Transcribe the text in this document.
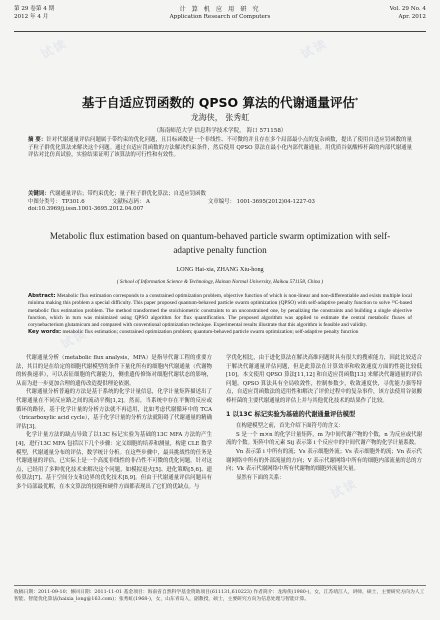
试读	试读
试读
试读
第 29 卷第 4 期
2012 年 4 月
计 算 机 应 用 研 究
Application Research of Computers
Vol. 29 No. 4
Apr. 2012
基于自适应罚函数的 QPSO 算法的代谢通量评估*
龙海侠， 张秀虹
（海南师范大学 信息科学技术学院， 海口 571158）
摘 要：针对代谢通量评估问题属于带约束的优化问题，且目标函数是一个非线性、不可微的并且存在多个局部最小点的复杂函数，提出了使用自适应罚函数的量子粒子群优化算法来解决这个问题。通过自适应罚函数的方法解决约束条件，然后使用 QPSO 算法在最小化内部代谢通量。用优质谷氨酸棒杆菌的内部代谢通量评估对比仿真试验，实验结果证明了该算法的可行性和有效性。
关键词：代谢通量评估；带约束优化；量子粒子群优化算法；自适应罚函数
中图分类号： TP301.6	文献标志码： A	文章编号： 1001-3695(2012)04-1227-03
doi:10.3969/j.issn.1001-3695.2012.04.007
Metabolic flux estimation based on quantum-behaved particle swarm optimization with self-adaptive penalty function
LONG Hai-xia, ZHANG Xiu-hong
( School of Information Science & Technology, Hainan Normal University, Haikou 571158, China )
Abstract: Metabolic flux estimation corresponds to a constrained optimization problem, objective function of which is non-linear and non-differentiable and exists multiple local minima making this problem a special difficulty. This paper proposed quantum-behaved particle swarm optimization (QPSO) with self-adaptive penalty function to solve ¹³C-based metabolic flux estimation problem. The method transformed the stoichiometric constraints to an unconstrained one, by penalizing the constraints and building a single objective function, which in turn was minimized using QPSO algorithm for flux quantification. The proposed algorithm was applied to estimate the central metabolic fluxes of corynebacterium glutamicum and compared with conventional optimization technique. Experimental results illustrate that this algorithm is feasible and validity.
Key words: metabolic flux estimation; constrained optimization problem; quantum-behaved particle swarm optimization; self-adaptive penalty function

代谢通量分析（metabolic flux analysis，MFA）是指导代谢工程的重要方法，其目的是在给定的细胞代谢模型的条件下量化所有的细胞内代谢通量（代谢物的转换速率），可以表征细胞的代谢能力，侧重遗传修饰对细胞代谢状态的影响，从而为进一步更加合理的遗传改造提供理论依据。

代谢通量分析普遍的方法是基于系统的化学计量信息，化学计量矩阵描述出了代谢通量在不同反应路之间的流动平衡[1,2]。然而，当系统中存在平衡的反应或循环的路径，基于化学计量的分析方法就不再适用，比如考虑代谢循环中的 TCA（tricarboxylic acid cycle），基于化学计量的分析方法就阻碍了代谢通量的精确评估[3]。

化学计量方法的缺点导致了以13C 标记实验为基础的13C MFA 方法的产生[4]，进行13C MFA 包括以下几个步骤：定义细胞的培养和测量，构建 CLE 数学模型，代谢通量分布的评估，数学统计分析。在这些步骤中，最具挑战性的任务是代谢通量的评估，已实际上是一个高度非线性的非凸性不可微的优化问题。针对这点，已经用了多种优化技术来解决这个问题，如模拟退火[5]、进化策略[5,6]、遗传算法[7]、基于空间分支和边界的优化技术[8,9]。但由于代谢通量评估问题具有多个局部最优解，在本文算法的技能和硬件方面都表现出了它们的优缺点。与

学优化相比，由于进化算法在解决高维问题时具有很大的搜索能力，因此比较适合于解决代谢通量评估问题，但是此算法在计算效率和收敛速度方面的性能比较低[10]。本文使用 QPSO 算法[11,12] 和自适应罚函数[13] 来解决代谢通量的评估问题。QPSO 算法具有全局收敛性，控制参数少，收敛速度快，寻优能力强等特点，自适应罚函数法的适用性和解决了评价过程中的复杂事件，该方法使用谷氨酸棒杆菌的主要代谢通量的评估上并与其他优化技术的结果作了比较。

1 以13C 标记实验为基础的代谢通量评估模型

在构建模型之前，首先介绍下面符号的含义：

S 是一个 m×n 的化学计量矩阵，m 为中间代谢产物的个数，n 为反应或代谢流的个数。矩阵中的元素 Sij 表示第 i 个反应中的中间代谢产物的化学计量系数。

Vn 表示第 i 中所有的流；Vs 表示细胞外流；Vs 表示细胞外的流；Vn 表示代谢网络中所有的外部流量的方向；V 表示代谢网络中所有的细胞内部流量的总的方向；Vk 表示代谢网络中所有代谢物的细胞外流量矢量。

显然有下面的关系：

收稿日期：2011-09-10；修回日期：2011-11-01 基金项目：海南省自然科学基金资助项目(611131,610223) 作者简介：龙海侠(1980-)，女，江苏靖江人，讲师，硕士，主要研究方向为人工智能、智能优化算法(haixia_long@163.com)；张秀虹(1968-)，女，山东青岛人，副教授，硕士，主要研究方向为信息处理与智能计算。
